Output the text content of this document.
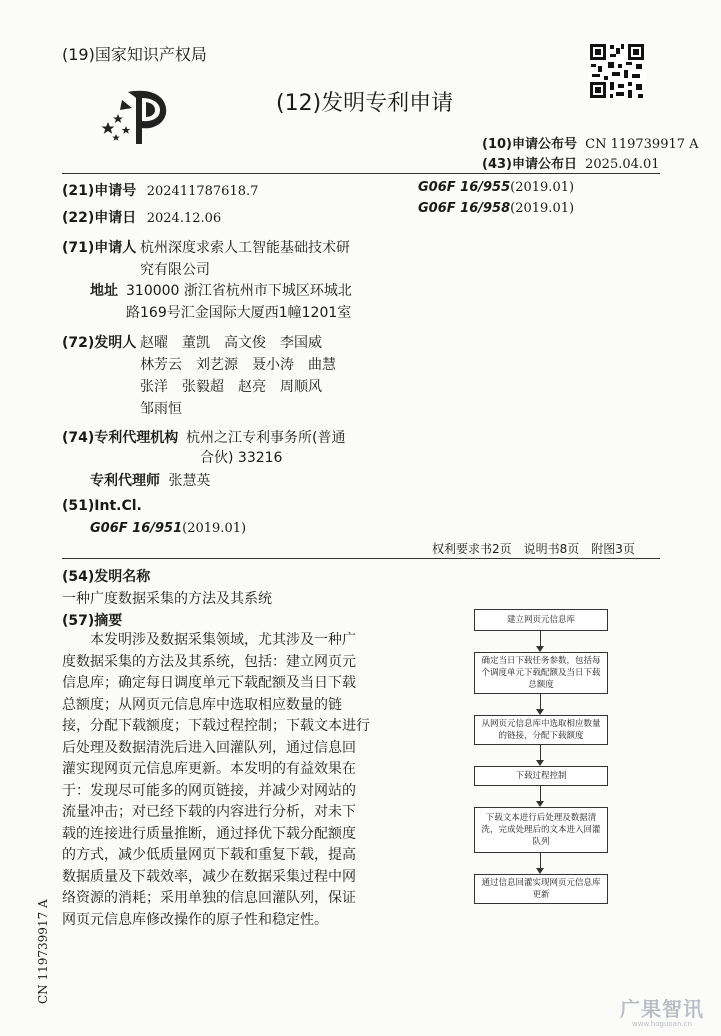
(19)国家知识产权局
(12)发明专利申请
(10)申请公布号 CN 119739917 A
(43)申请公布日 2025.04.01
(21)申请号 202411787618.7
(22)申请日 2024.12.06
(71)申请人 杭州深度求索人工智能基础技术研
究有限公司
地址 310000 浙江省杭州市下城区环城北
路169号汇金国际大厦西1幢1201室
(72)发明人 赵曜　董凯　高文俊　李国威
林芳云　刘艺源　聂小涛　曲慧
张洋　张毅超　赵亮　周顺风
邹雨恒
(74)专利代理机构 杭州之江专利事务所(普通
合伙) 33216
专利代理师 张慧英
(51)Int.Cl.
G06F 16/951(2019.01)
G06F 16/955(2019.01)
G06F 16/958(2019.01)
权利要求书2页　说明书8页　附图3页
(54)发明名称
一种广度数据采集的方法及其系统
(57)摘要

　　本发明涉及数据采集领域，尤其涉及一种广

度数据采集的方法及其系统，包括：建立网页元

信息库；确定每日调度单元下载配额及当日下载

总额度；从网页元信息库中选取相应数量的链

接，分配下载额度；下载过程控制；下载文本进行

后处理及数据清洗后进入回灌队列，通过信息回

灌实现网页元信息库更新。本发明的有益效果在

于：发现尽可能多的网页链接，并减少对网站的

流量冲击；对已经下载的内容进行分析，对未下

载的连接进行质量推断，通过择优下载分配额度

的方式，减少低质量网页下载和重复下载，提高

数据质量及下载效率，减少在数据采集过程中网

络资源的消耗；采用单独的信息回灌队列，保证

网页元信息库修改操作的原子性和稳定性。

建立网页元信息库
确定当日下载任务参数，包括每个调度单元下载配额及当日下载总额度
从网页元信息库中选取相应数量的链接，分配下载额度
下载过程控制
下载文本进行后处理及数据清洗，完成处理后的文本进入回灌队列
通过信息回灌实现网页元信息库更新
CN 119739917 A
广果智讯
www.hoguoan.cn
